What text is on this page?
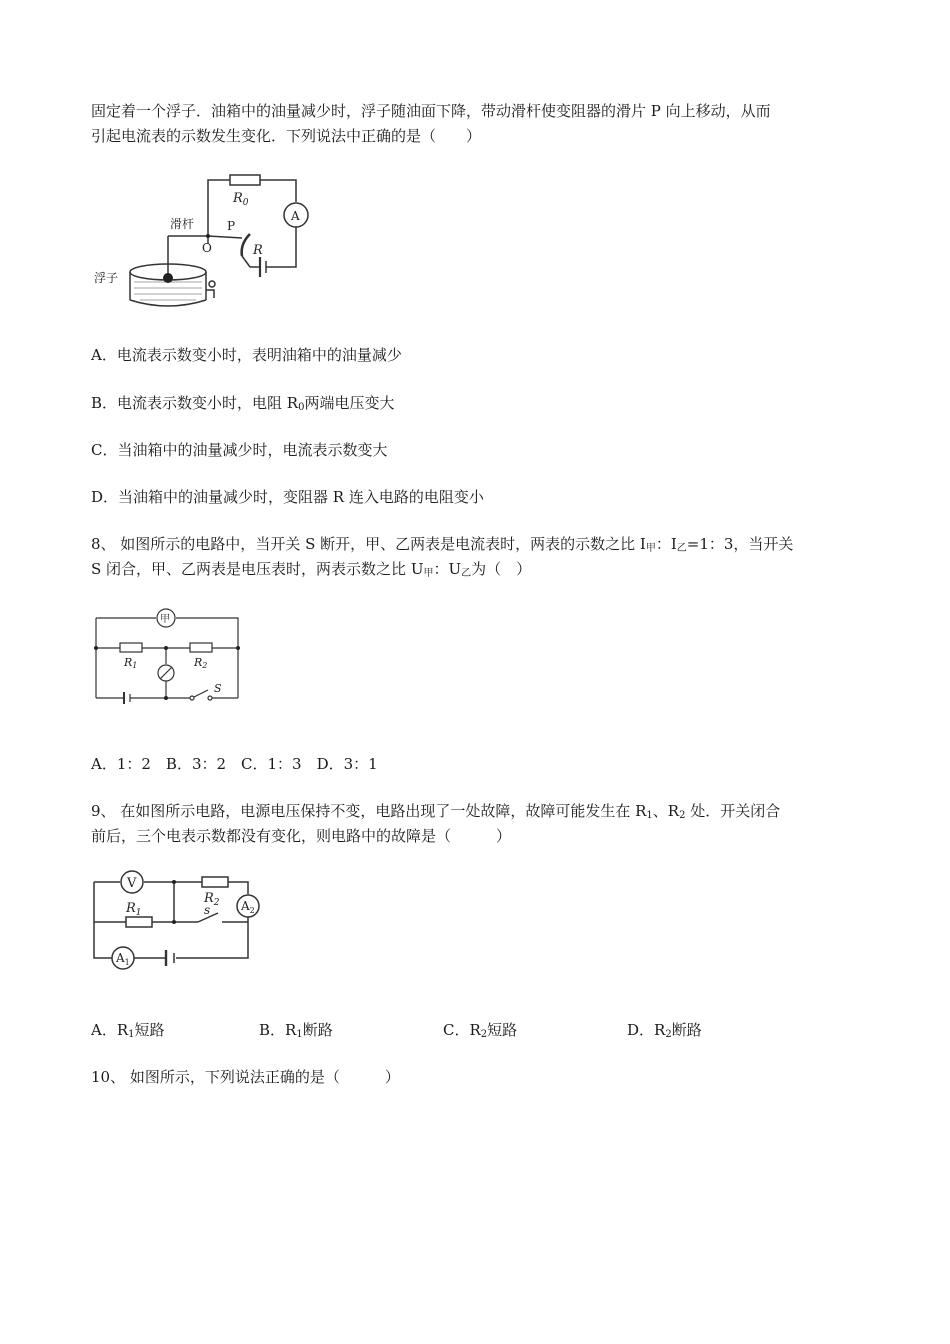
固定着一个浮子．油箱中的油量减少时，浮子随油面下降，带动滑杆使变阻器的滑片 P 向上移动，从而
引起电流表的示数发生变化．下列说法中正确的是（　　）
$R_0$
A
滑杆	P
O	R
浮子
A．电流表示数变小时，表明油箱中的油量减少
B．电流表示数变小时，电阻 $R_0$两端电压变大
C．当油箱中的油量减少时，电流表示数变大
D．当油箱中的油量减少时，变阻器 R 连入电路的电阻变小
8、 如图所示的电路中，当开关 S 断开，甲、乙两表是电流表时，两表的示数之比 $I_甲$：$I_乙=1$：3，当开关
S 闭合，甲、乙两表是电压表时，两表示数之比 $U_甲$：$U_乙$为（　）
甲
R1	R2
S
乙
A．1：2　B．3：2　C．1：3　D．3：1
9、 在如图所示电路，电源电压保持不变，电路出现了一处故障，故障可能发生在 $R_1$、$R_2$ 处．开关闭合
前后，三个电表示数都没有变化，则电路中的故障是（　　　）
V
$R_2$ $A_2$
$R_1$	s
$A_1$
A．$R_1$短路	B．$R_1$断路	C．$R_2$短路	D．$R_2$断路
10、 如图所示，下列说法正确的是（　　　）
